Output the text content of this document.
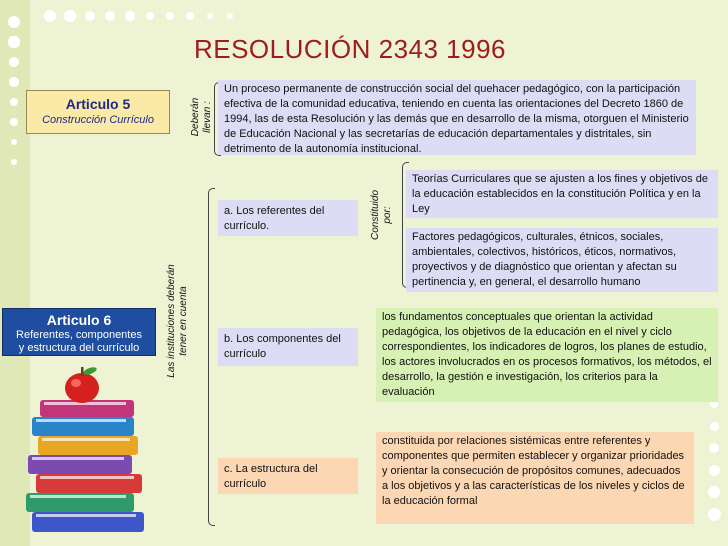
RESOLUCIÓN 2343 1996
Articulo 5
Construcción Currículo	Deberán llevan :
Un proceso permanente de construcción social del quehacer pedagógico, con la participación efectiva de la comunidad educativa, teniendo en cuenta las orientaciones del Decreto 1860 de 1994, las de esta Resolución y las demás que en desarrollo de la misma, otorguen el Ministerio de Educación Nacional y las secretarías de educación departamentales y distritales, sin detrimento de la autonomía institucional.
Articulo 6
Referentes, componentes
y estructura del currículo	Las instituciones deberán tener en cuenta
a. Los referentes del currículo.	Constituido por:
Teorías Curriculares que se ajusten a los fines y objetivos de la educación establecidos en la constitución Política y en la Ley
Factores pedagógicos, culturales, étnicos, sociales, ambientales, colectivos, históricos, éticos, normativos, proyectivos y de diagnóstico que orientan y afectan su pertinencia y, en general, el desarrollo humano
b. Los componentes del currículo
los fundamentos conceptuales que orientan la actividad pedagógica, los objetivos de la educación en el nivel y ciclo correspondientes, los indicadores de logros, los planes de estudio, los actores involucrados en os procesos formativos, los métodos, el desarrollo, la gestión e investigación, los criterios para la evaluación
c. La estructura del currículo
constituida por relaciones sistémicas entre referentes y componentes que permiten establecer y organizar prioridades y orientar la consecución de propósitos comunes, adecuados a los objetivos y a las características de los niveles y ciclos de la educación formal
